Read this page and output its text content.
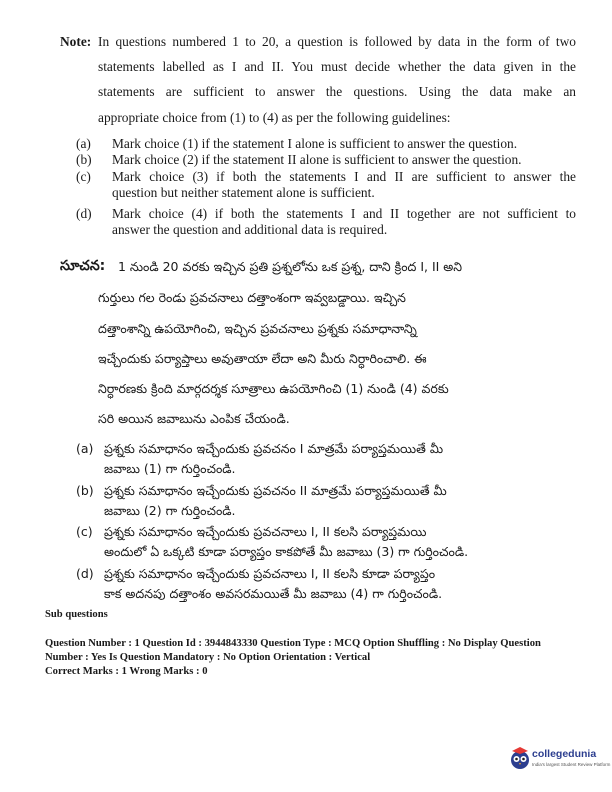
Note: In questions numbered 1 to 20, a question is followed by data in the form of two
statements labelled as I and II. You must decide whether the data given in the
statements are sufficient to answer the questions. Using the data make an
appropriate choice from (1) to (4) as per the following guidelines:
(a) Mark choice (1) if the statement I alone is sufficient to answer the question.
(b) Mark choice (2) if the statement II alone is sufficient to answer the question.
(c) Mark choice (3) if both the statements I and II are sufficient to answer the
question but neither statement alone is sufficient.
(d) Mark choice (4) if both the statements I and II together are not sufficient to
answer the question and additional data is required.
సూచన: 1 నుండి 20 వరకు ఇచ్చిన ప్రతి ప్రశ్నలోను ఒక ప్రశ్న, దాని క్రింద I, II అని
గుర్తులు గల రెండు ప్రవచనాలు దత్తాంశంగా ఇవ్వబడ్డాయి. ఇచ్చిన
దత్తాంశాన్ని ఉపయోగించి, ఇచ్చిన ప్రవచనాలు ప్రశ్నకు సమాధానాన్ని
ఇచ్చేందుకు పర్యాప్తాలు అవుతాయా లేదా అని మీరు నిర్ధారించాలి. ఈ
నిర్ధారణకు క్రింది మార్గదర్శక సూత్రాలు ఉపయోగించి (1) నుండి (4) వరకు
సరి అయిన జవాబును ఎంపిక చేయండి.
(a) ప్రశ్నకు సమాధానం ఇచ్చేందుకు ప్రవచనం I మాత్రమే పర్యాప్తమయితే మీ
జవాబు (1) గా గుర్తించండి.
(b) ప్రశ్నకు సమాధానం ఇచ్చేందుకు ప్రవచనం II మాత్రమే పర్యాప్తమయితే మీ
జవాబు (2) గా గుర్తించండి.
(c) ప్రశ్నకు సమాధానం ఇచ్చేందుకు ప్రవచనాలు I, II కలసి పర్యాప్తమయి
అందులో ఏ ఒక్కటి కూడా పర్యాప్తం కాకపోతే మీ జవాబు (3) గా గుర్తించండి.
(d) ప్రశ్నకు సమాధానం ఇచ్చేందుకు ప్రవచనాలు I, II కలసి కూడా పర్యాప్తం
కాక అదనపు దత్తాంశం అవసరమయితే మీ జవాబు (4) గా గుర్తించండి.
Sub questions
Question Number : 1 Question Id : 3944843330 Question Type : MCQ Option Shuffling : No Display Question
Number : Yes Is Question Mandatory : No Option Orientation : Vertical
Correct Marks : 1 Wrong Marks : 0
collegedunia
India's largest Student Review Platform
